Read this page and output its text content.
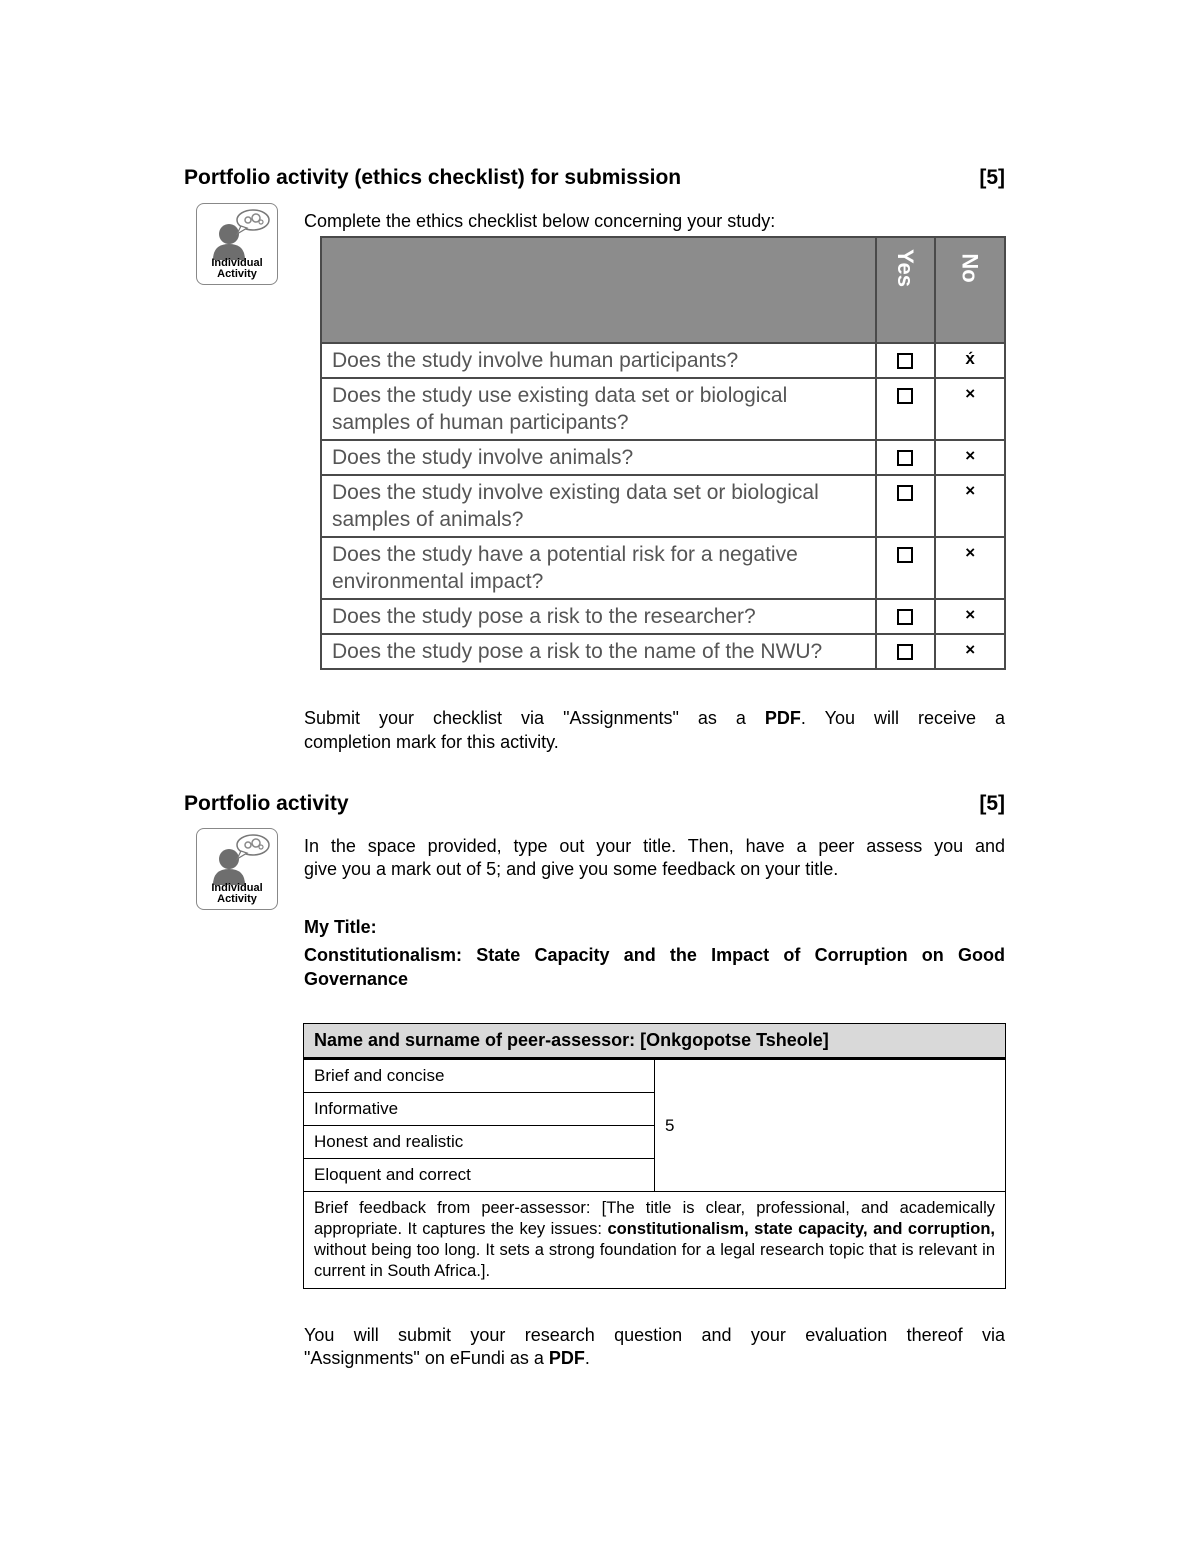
Portfolio activity (ethics checklist) for submission	[5]
Individual
Activity
Complete the ethics checklist below concerning your study:
	Yes	No
Does the study involve human participants?		x́
Does the study use existing data set or biological samples of human participants?		×
Does the study involve animals?		×
Does the study involve existing data set or biological samples of animals?		×
Does the study have a potential risk for a negative environmental impact?		×
Does the study pose a risk to the researcher?		×
Does the study pose a risk to the name of the NWU?		×
Submit your checklist via "Assignments" as a PDF. You will receive a
completion mark for this activity.
Portfolio activity	[5]
Individual
Activity
In the space provided, type out your title. Then, have a peer assess you and
give you a mark out of 5; and give you some feedback on your title.
My Title:
Constitutionalism: State Capacity and the Impact of Corruption on Good
Governance
Name and surname of peer-assessor: [Onkgopotse Tsheole]
Brief and concise	5
Informative
Honest and realistic
Eloquent and correct
Brief feedback from peer-assessor: [The title is clear, professional, and academically appropriate. It captures the key issues: constitutionalism, state capacity, and corruption, without being too long. It sets a strong foundation for a legal research topic that is relevant in current in South Africa.].
You will submit your research question and your evaluation thereof via
"Assignments" on eFundi as a PDF.
